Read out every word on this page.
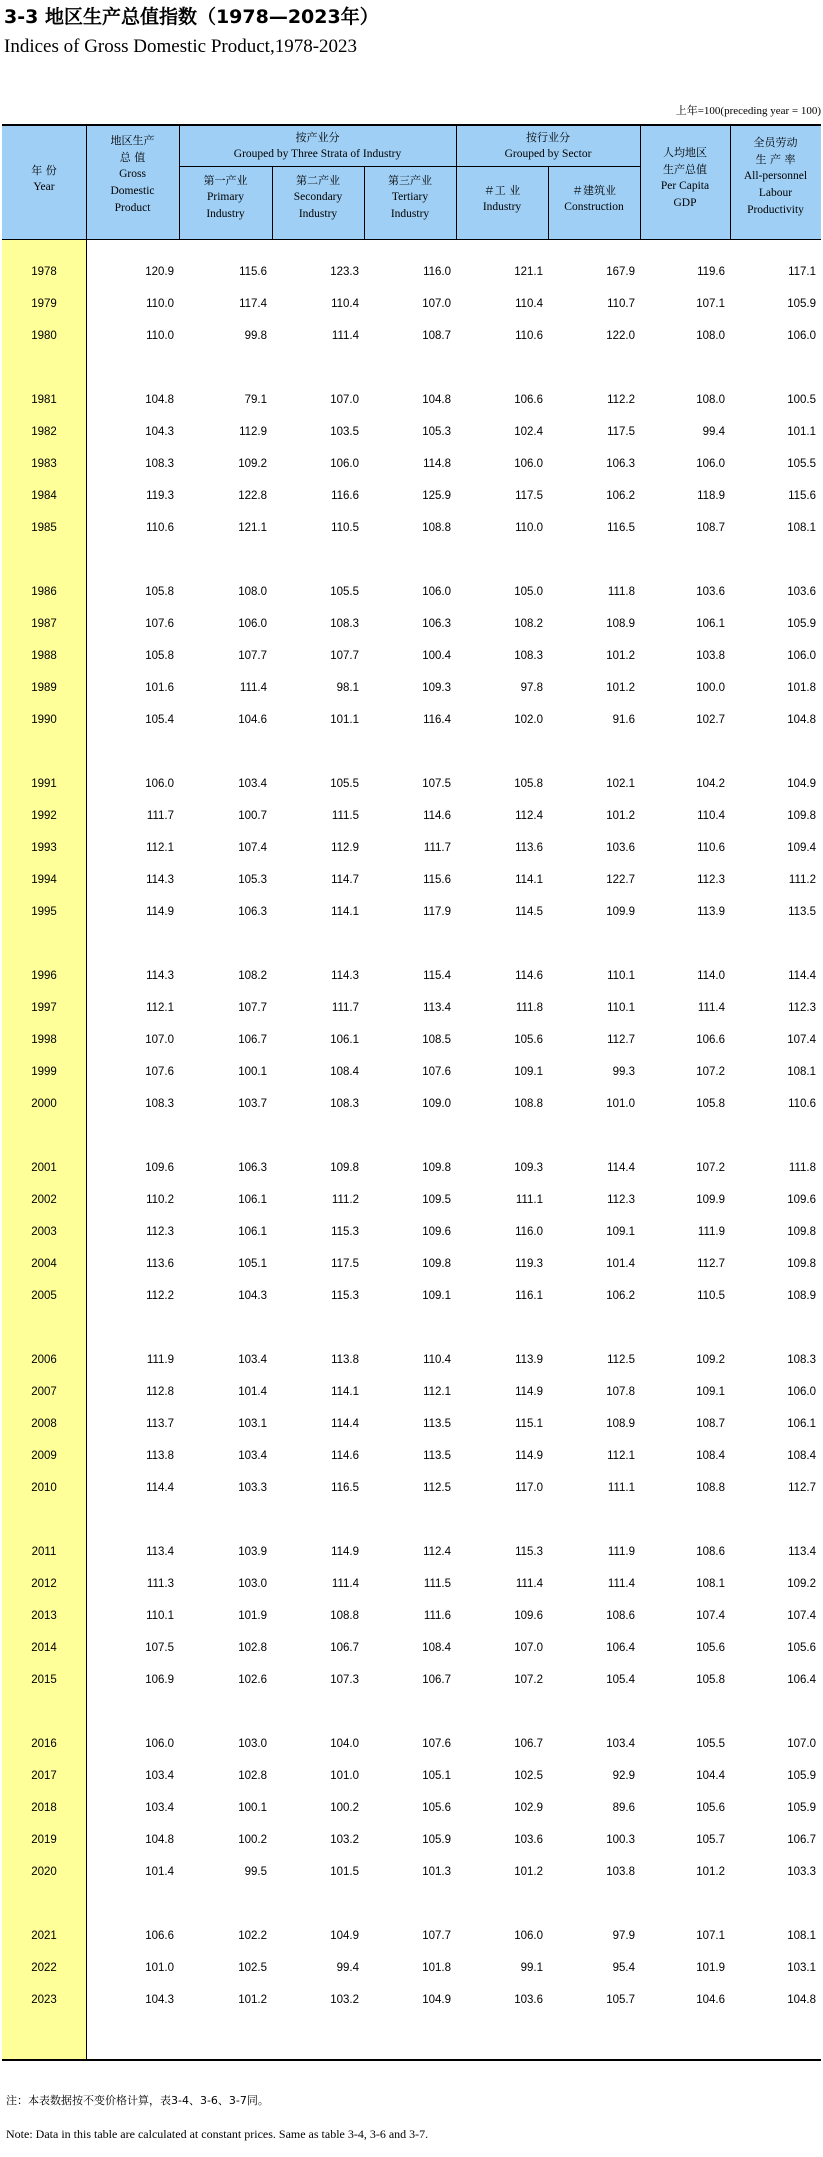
3-3 地区生产总值指数（1978—2023年）
Indices of Gross Domestic Product,1978-2023
上年=100(preceding year = 100)
年 份
Year
地区生产
总 值
Gross
Domestic
Product
按产业分
Grouped by Three Strata of Industry
第一产业
Primary
Industry
第二产业
Secondary
Industry
第三产业
Tertiary
Industry
按行业分
Grouped by Sector
＃工 业
Industry
＃建筑业
Construction
人均地区
生产总值
Per Capita
GDP
全员劳动
生 产 率
All-personnel
Labour
Productivity
1978	120.9	115.6	123.3	116.0	121.1	167.9	119.6	117.1
1979	110.0	117.4	110.4	107.0	110.4	110.7	107.1	105.9
1980	110.0	99.8	111.4	108.7	110.6	122.0	108.0	106.0
1981	104.8	79.1	107.0	104.8	106.6	112.2	108.0	100.5
1982	104.3	112.9	103.5	105.3	102.4	117.5	99.4	101.1
1983	108.3	109.2	106.0	114.8	106.0	106.3	106.0	105.5
1984	119.3	122.8	116.6	125.9	117.5	106.2	118.9	115.6
1985	110.6	121.1	110.5	108.8	110.0	116.5	108.7	108.1
1986	105.8	108.0	105.5	106.0	105.0	111.8	103.6	103.6
1987	107.6	106.0	108.3	106.3	108.2	108.9	106.1	105.9
1988	105.8	107.7	107.7	100.4	108.3	101.2	103.8	106.0
1989	101.6	111.4	98.1	109.3	97.8	101.2	100.0	101.8
1990	105.4	104.6	101.1	116.4	102.0	91.6	102.7	104.8
1991	106.0	103.4	105.5	107.5	105.8	102.1	104.2	104.9
1992	111.7	100.7	111.5	114.6	112.4	101.2	110.4	109.8
1993	112.1	107.4	112.9	111.7	113.6	103.6	110.6	109.4
1994	114.3	105.3	114.7	115.6	114.1	122.7	112.3	111.2
1995	114.9	106.3	114.1	117.9	114.5	109.9	113.9	113.5
1996	114.3	108.2	114.3	115.4	114.6	110.1	114.0	114.4
1997	112.1	107.7	111.7	113.4	111.8	110.1	111.4	112.3
1998	107.0	106.7	106.1	108.5	105.6	112.7	106.6	107.4
1999	107.6	100.1	108.4	107.6	109.1	99.3	107.2	108.1
2000	108.3	103.7	108.3	109.0	108.8	101.0	105.8	110.6
2001	109.6	106.3	109.8	109.8	109.3	114.4	107.2	111.8
2002	110.2	106.1	111.2	109.5	111.1	112.3	109.9	109.6
2003	112.3	106.1	115.3	109.6	116.0	109.1	111.9	109.8
2004	113.6	105.1	117.5	109.8	119.3	101.4	112.7	109.8
2005	112.2	104.3	115.3	109.1	116.1	106.2	110.5	108.9
2006	111.9	103.4	113.8	110.4	113.9	112.5	109.2	108.3
2007	112.8	101.4	114.1	112.1	114.9	107.8	109.1	106.0
2008	113.7	103.1	114.4	113.5	115.1	108.9	108.7	106.1
2009	113.8	103.4	114.6	113.5	114.9	112.1	108.4	108.4
2010	114.4	103.3	116.5	112.5	117.0	111.1	108.8	112.7
2011	113.4	103.9	114.9	112.4	115.3	111.9	108.6	113.4
2012	111.3	103.0	111.4	111.5	111.4	111.4	108.1	109.2
2013	110.1	101.9	108.8	111.6	109.6	108.6	107.4	107.4
2014	107.5	102.8	106.7	108.4	107.0	106.4	105.6	105.6
2015	106.9	102.6	107.3	106.7	107.2	105.4	105.8	106.4
2016	106.0	103.0	104.0	107.6	106.7	103.4	105.5	107.0
2017	103.4	102.8	101.0	105.1	102.5	92.9	104.4	105.9
2018	103.4	100.1	100.2	105.6	102.9	89.6	105.6	105.9
2019	104.8	100.2	103.2	105.9	103.6	100.3	105.7	106.7
2020	101.4	99.5	101.5	101.3	101.2	103.8	101.2	103.3
2021	106.6	102.2	104.9	107.7	106.0	97.9	107.1	108.1
2022	101.0	102.5	99.4	101.8	99.1	95.4	101.9	103.1
2023	104.3	101.2	103.2	104.9	103.6	105.7	104.6	104.8
注：本表数据按不变价格计算，表3-4、3-6、3-7同。
Note: Data in this table are calculated at constant prices. Same as table 3-4, 3-6 and 3-7.
